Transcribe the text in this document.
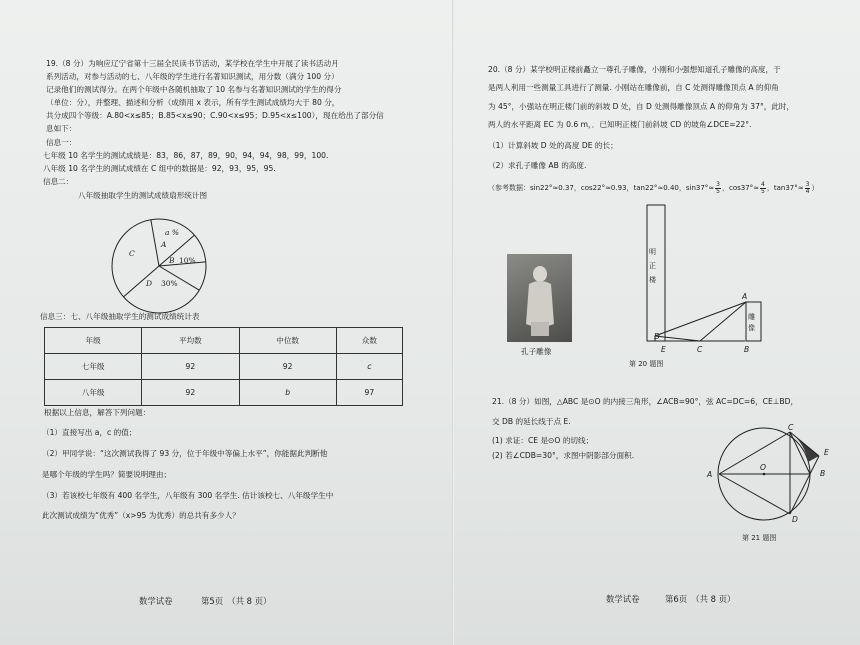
19.（8 分）为响应辽宁省第十三届全民读书节活动，某学校在学生中开展了读书活动月
系列活动，对参与活动的七、八年级的学生进行名著知识测试，用分数（满分 100 分）
记录他们的测试得分。在两个年级中各随机抽取了 10 名参与名著知识测试的学生的得分
（单位：分），并整理、描述和分析（成绩用 x 表示，所有学生测试成绩均大于 80 分，
共分成四个等级：A.80<x≤85；B.85<x≤90；C.90<x≤95；D.95<x≤100），现在给出了部分信
息如下：
信息一：
七年级 10 名学生的测试成绩是：83，86，87，89，90，94，94，98，99，100.
八年级 10 名学生的测试成绩在 C 组中的数据是：92，93，95，95.
信息二：
八年级抽取学生的测试成绩扇形统计图
a %
A
B 10%
C
D 30%
信息三：七、八年级抽取学生的测试成绩统计表
年级	平均数	中位数	众数
七年级	92	92	c
八年级	92	b	97
根据以上信息，解答下列问题：
（1）直接写出 a，c 的值；
（2）甲同学说：“这次测试我得了 93 分，位于年级中等偏上水平”，你能据此判断他
是哪个年级的学生吗？简要说明理由；
（3）若该校七年级有 400 名学生，八年级有 300 名学生. 估计该校七、八年级学生中
此次测试成绩为“优秀”（x>95 为优秀）的总共有多少人？
数学试卷	第5页　（共 8 页）
20.（8 分）某学校明正楼前矗立一尊孔子雕像，小刚和小强想知道孔子雕像的高度，于
是两人利用一些测量工具进行了测量. 小刚站在雕像前，自 C 处测得雕像顶点 A 的仰角
为 45°，小强站在明正楼门前的斜坡 D 处，自 D 处测得雕像顶点 A 的仰角为 37°，此时，
两人的水平距离 EC 为 0.6 m，．已知明正楼门前斜坡 CD 的坡角∠DCE=22°.
（1）计算斜坡 D 处的高度 DE 的长；
（2）求孔子雕像 AB 的高度.
（参考数据：sin22°≈0.37，cos22°≈0.93，tan22°≈0.40，$\sin 37^\circ\approx \frac{3}{5}$ ，$\cos 37^\circ\approx \frac{4}{5}$ ，$\tan 37^\circ\approx \frac{3}{4}$ ）
孔子雕像
明正楼
雕像
A
B
C
D
E
第 20 题图
21.（8 分）如图，△ABC 是⊙O 的内接三角形，∠ACB=90°，弦 AC=DC=6，CE⊥BD，
交 DB 的延长线于点 E.
(1) 求证：CE 是⊙O 的切线；
(2) 若∠CDB=30°，求图中阴影部分面积.
A	B
C
D
E
O
第 21 题图
数学试卷	第6页　（共 8 页）
